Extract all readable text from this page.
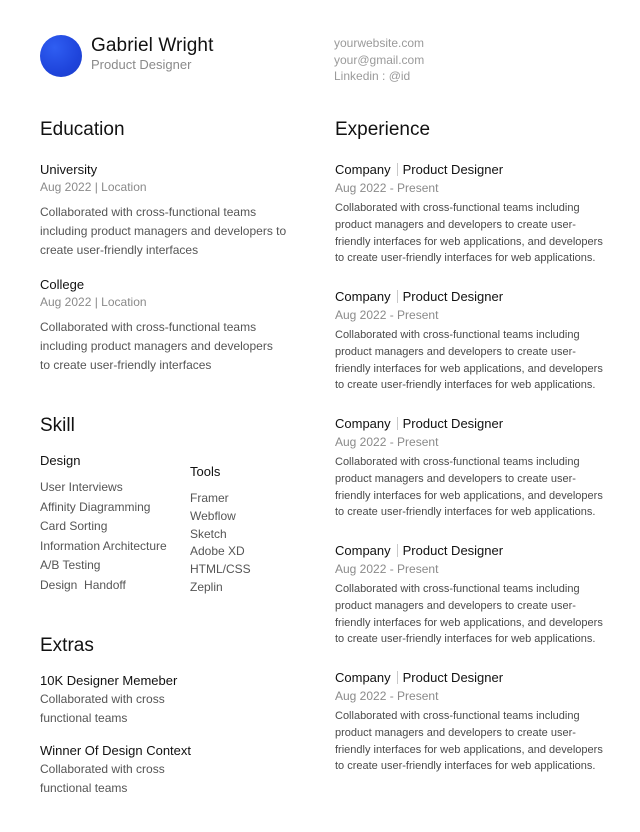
Gabriel Wright
Product Designer
yourwebsite.com
your@gmail.com
Linkedin : @id
Education
University
Aug 2022 | Location
Collaborated with cross-functional teams
including product managers and developers to
create user-friendly interfaces
College
Aug 2022 | Location
Collaborated with cross-functional teams
including product managers and developers
to create user-friendly interfaces
Skill
Design
User Interviews
Affinity Diagramming
Card Sorting
Information Architecture
A/B Testing
Design  Handoff
Tools
Framer
Webflow
Sketch
Adobe XD
HTML/CSS
Zeplin
Extras
10K Designer Memeber
Collaborated with cross
functional teams
Winner Of Design Context
Collaborated with cross
functional teams
Experience
Company Product Designer
Aug 2022 - Present
Collaborated with cross-functional teams including
product managers and developers to create user-
friendly interfaces for web applications, and developers
to create user-friendly interfaces for web applications.
Company Product Designer
Aug 2022 - Present
Collaborated with cross-functional teams including
product managers and developers to create user-
friendly interfaces for web applications, and developers
to create user-friendly interfaces for web applications.
Company Product Designer
Aug 2022 - Present
Collaborated with cross-functional teams including
product managers and developers to create user-
friendly interfaces for web applications, and developers
to create user-friendly interfaces for web applications.
Company Product Designer
Aug 2022 - Present
Collaborated with cross-functional teams including
product managers and developers to create user-
friendly interfaces for web applications, and developers
to create user-friendly interfaces for web applications.
Company Product Designer
Aug 2022 - Present
Collaborated with cross-functional teams including
product managers and developers to create user-
friendly interfaces for web applications, and developers
to create user-friendly interfaces for web applications.
